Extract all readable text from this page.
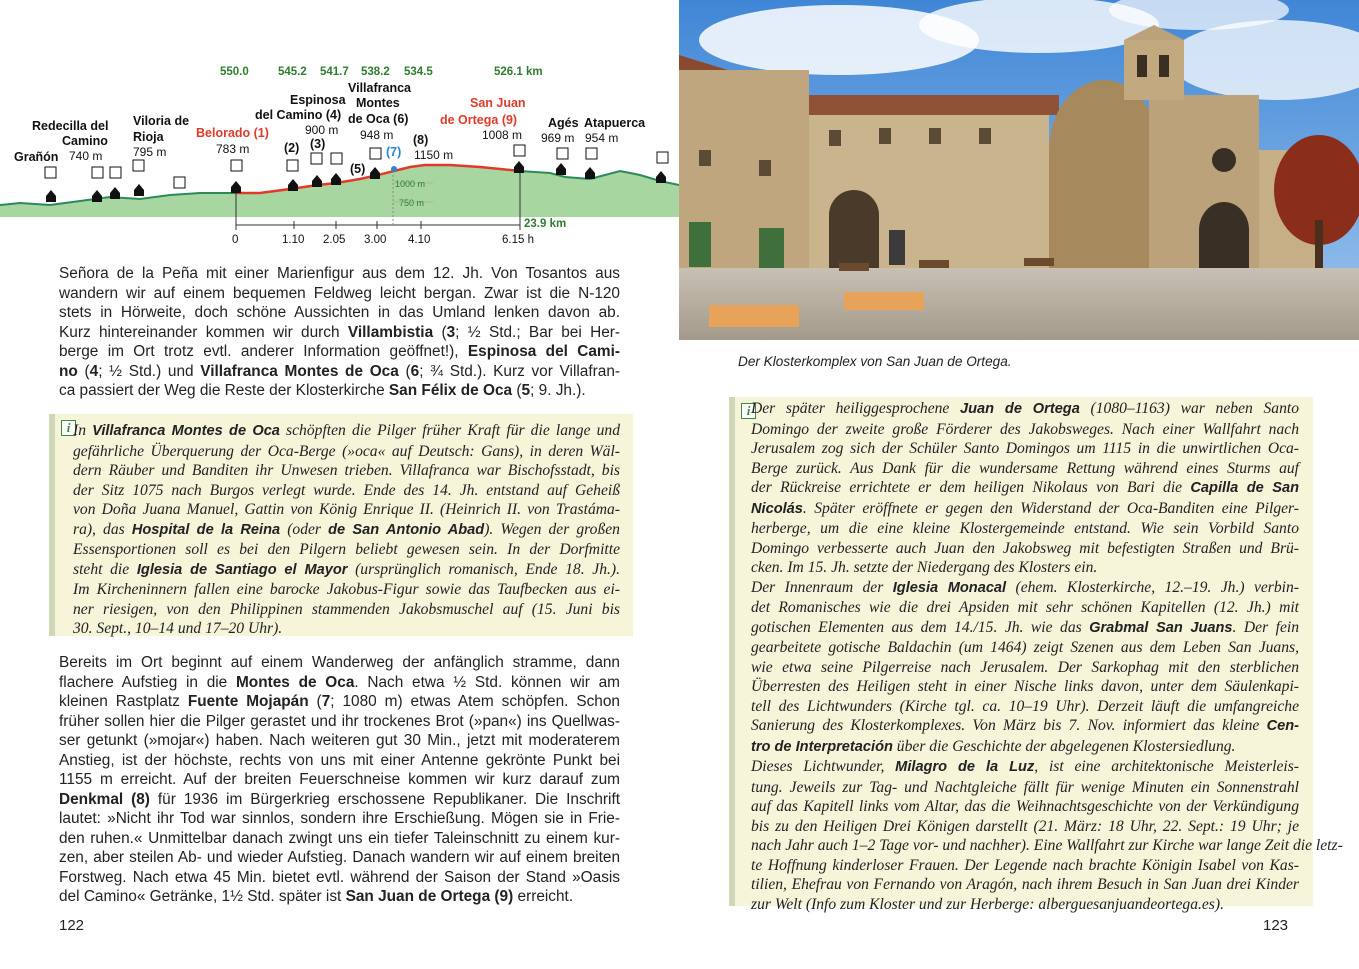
1000 m
750 m
550.0	545.2 541.7 538.2 534.5	526.1 km
Grañón
Redecilla del
Camino
Viloria de
Rioja	Belorado (1)
Espinosa
del Camino (4)
Villafranca
Montes
de Oca (6)
(8)
San Juan
de Ortega (9) Agés Atapuerca
740 m	795 m	783 m
900 m 948 m
1150 m
1008 m 969 m 954 m
(2) (3)
(5)
(7)
23.9 km
0	1.10 2.05 3.00 4.10	6.15 h
Señora de la Peña mit einer Marienfigur aus dem 12. Jh. Von Tosantos aus
wandern wir auf einem bequemen Feldweg leicht bergan. Zwar ist die N-120
stets in Hörweite, doch schöne Aussichten in das Umland lenken davon ab.
Kurz hintereinander kommen wir durch Villambistia (3; ½ Std.; Bar bei Her-
berge im Ort trotz evtl. anderer Information geöffnet!), Espinosa del Cami-
no (4; ½ Std.) und Villafranca Montes de Oca (6; ¾ Std.). Kurz vor Villafran-
ca passiert der Weg die Reste der Klosterkirche San Félix de Oca (5; 9. Jh.).
i In Villafranca Montes de Oca schöpften die Pilger früher Kraft für die lange und
gefährliche Überquerung der Oca-Berge (»oca« auf Deutsch: Gans), in deren Wäl-
dern Räuber und Banditen ihr Unwesen trieben. Villafranca war Bischofsstadt, bis
der Sitz 1075 nach Burgos verlegt wurde. Ende des 14. Jh. entstand auf Geheiß
von Doña Juana Manuel, Gattin von König Enrique II. (Heinrich II. von Trastáma-
ra), das Hospital de la Reina (oder de San Antonio Abad). Wegen der großen
Essensportionen soll es bei den Pilgern beliebt gewesen sein. In der Dorfmitte
steht die Iglesia de Santiago el Mayor (ursprünglich romanisch, Ende 18. Jh.).
Im Kircheninnern fallen eine barocke Jakobus-Figur sowie das Taufbecken aus ei-
ner riesigen, von den Philippinen stammenden Jakobsmuschel auf (15. Juni bis
30. Sept., 10–14 und 17–20 Uhr).
Bereits im Ort beginnt auf einem Wanderweg der anfänglich stramme, dann
flachere Aufstieg in die Montes de Oca. Nach etwa ½ Std. können wir am
kleinen Rastplatz Fuente Mojapán (7; 1080 m) etwas Atem schöpfen. Schon
früher sollen hier die Pilger gerastet und ihr trockenes Brot (»pan«) ins Quellwas-
ser getunkt (»mojar«) haben. Nach weiteren gut 30 Min., jetzt mit moderaterem
Anstieg, ist der höchste, rechts von uns mit einer Antenne gekrönte Punkt bei
1155 m erreicht. Auf der breiten Feuerschneise kommen wir kurz darauf zum
Denkmal (8) für 1936 im Bürgerkrieg erschossene Republikaner. Die Inschrift
lautet: »Nicht ihr Tod war sinnlos, sondern ihre Erschießung. Mögen sie in Frie-
den ruhen.« Unmittelbar danach zwingt uns ein tiefer Taleinschnitt zu einem kur-
zen, aber steilen Ab- und wieder Aufstieg. Danach wandern wir auf einem breiten
Forstweg. Nach etwa 45 Min. bietet evtl. während der Saison der Stand »Oasis
del Camino« Getränke, 1½ Std. später ist San Juan de Ortega (9) erreicht.
122
Der Klosterkomplex von San Juan de Ortega.
i Der später heiliggesprochene Juan de Ortega (1080–1163) war neben Santo
Domingo der zweite große Förderer des Jakobsweges. Nach einer Wallfahrt nach
Jerusalem zog sich der Schüler Santo Domingos um 1115 in die unwirtlichen Oca-
Berge zurück. Aus Dank für die wundersame Rettung während eines Sturms auf
der Rückreise errichtete er dem heiligen Nikolaus von Bari die Capilla de San
Nicolás. Später eröffnete er gegen den Widerstand der Oca-Banditen eine Pilger-
herberge, um die eine kleine Klostergemeinde entstand. Wie sein Vorbild Santo
Domingo verbesserte auch Juan den Jakobsweg mit befestigten Straßen und Brü-
cken. Im 15. Jh. setzte der Niedergang des Klosters ein.
Der Innenraum der Iglesia Monacal (ehem. Klosterkirche, 12.–19. Jh.) verbin-
det Romanisches wie die drei Apsiden mit sehr schönen Kapitellen (12. Jh.) mit
gotischen Elementen aus dem 14./15. Jh. wie das Grabmal San Juans. Der fein
gearbeitete gotische Baldachin (um 1464) zeigt Szenen aus dem Leben San Juans,
wie etwa seine Pilgerreise nach Jerusalem. Der Sarkophag mit den sterblichen
Überresten des Heiligen steht in einer Nische links davon, unter dem Säulenkapi-
tell des Lichtwunders (Kirche tgl. ca. 10–19 Uhr). Derzeit läuft die umfangreiche
Sanierung des Klosterkomplexes. Von März bis 7. Nov. informiert das kleine Cen-
tro de Interpretación über die Geschichte der abgelegenen Klostersiedlung.
Dieses Lichtwunder, Milagro de la Luz, ist eine architektonische Meisterleis-
tung. Jeweils zur Tag- und Nachtgleiche fällt für wenige Minuten ein Sonnenstrahl
auf das Kapitell links vom Altar, das die Weihnachtsgeschichte von der Verkündigung
bis zu den Heiligen Drei Königen darstellt (21. März: 18 Uhr, 22. Sept.: 19 Uhr; je
nach Jahr auch 1–2 Tage vor- und nachher). Eine Wallfahrt zur Kirche war lange Zeit die letz-
te Hoffnung kinderloser Frauen. Der Legende nach brachte Königin Isabel von Kas-
tilien, Ehefrau von Fernando von Aragón, nach ihrem Besuch in San Juan drei Kinder
zur Welt (Info zum Kloster und zur Herberge: alberguesanjuandeortega.es).
123
